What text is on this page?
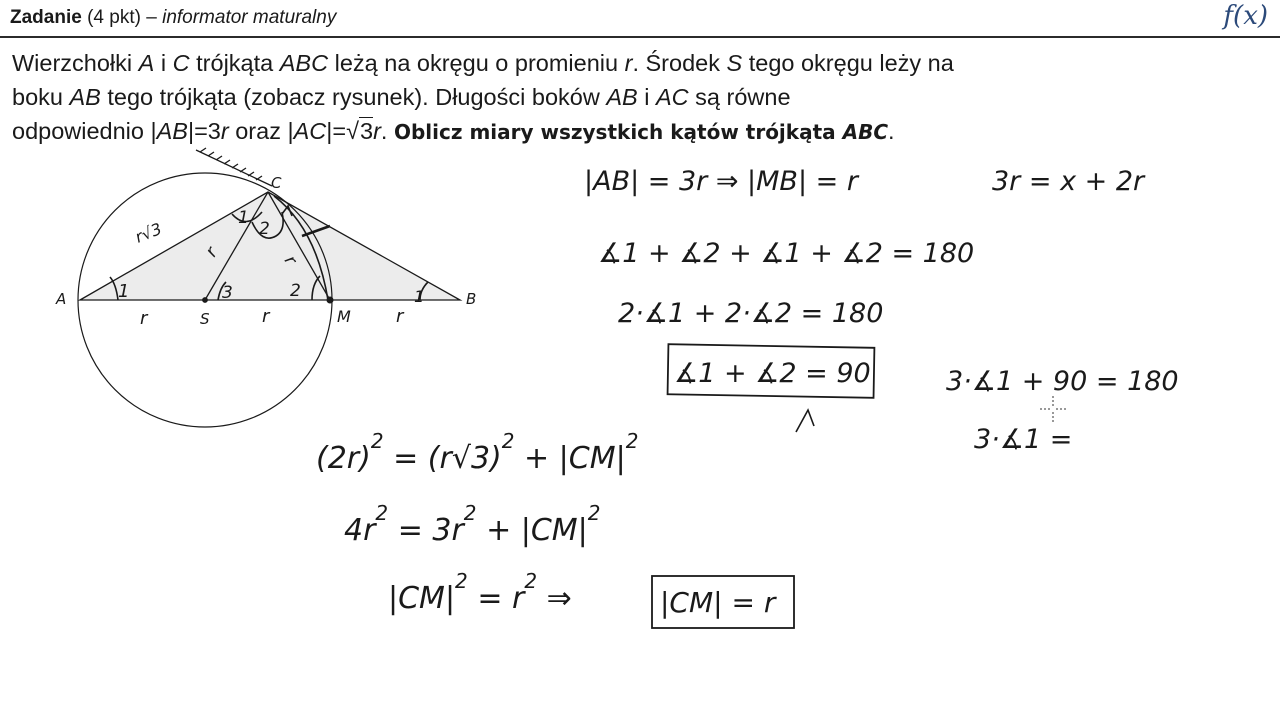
Zadanie (4 pkt) – informator maturalny	f(x)

Wierzchołki A i C trójkąta ABC leżą na okręgu o promieniu r. Środek S tego okręgu leży na

boku AB tego trójkąta (zobacz rysunek). Długości boków AB i AC są równe

odpowiednio |AB|=3r oraz |AC|=√3r. Oblicz miary wszystkich kątów trójkąta ABC.

A	B
C
S	M
r√3
r	r	r
r	r
1
1
2
3	2	1
|AB| = 3r ⇒ |MB| = r	3r = x + 2r
∡1 + ∡2 + ∡1 + ∡2 = 180
2·∡1 + 2·∡2 = 180
∡1 + ∡2 = 90	3·∡1 + 90 = 180
3·∡1 =
$(2r)^2 = (r√3)^2 + |CM|^2$
$4r^2 = 3r^2 + |CM|^2$
$|CM|^2 = r^2$ ⇒	|CM| = r
